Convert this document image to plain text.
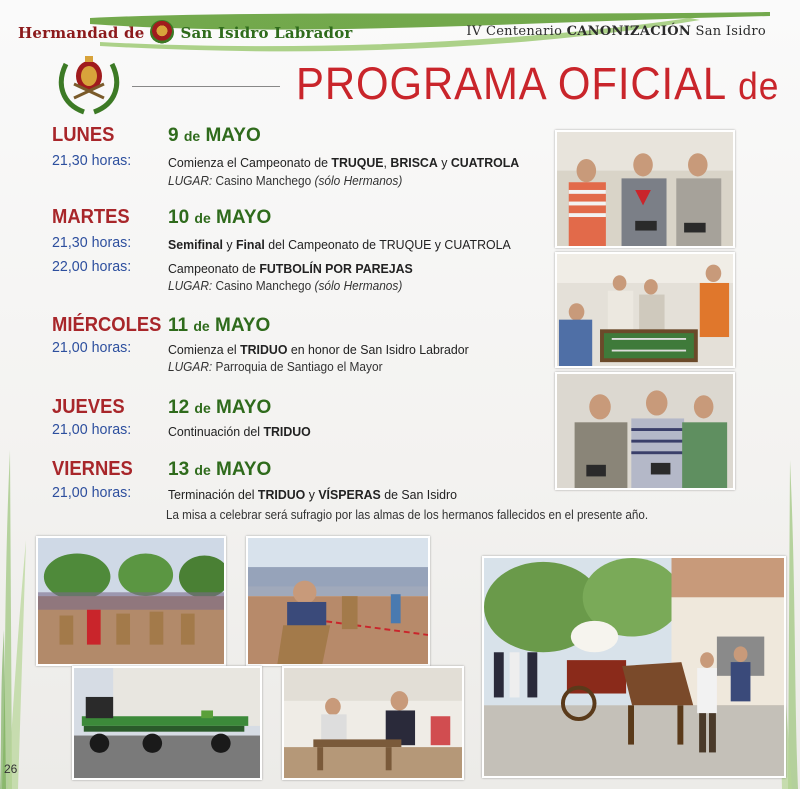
Hermandad de San Isidro Labrador	IV Centenario CANONIZACIÓN San Isidro
PROGRAMA OFICIAL de
LUNES	9 de MAYO
21,30 horas:	Comienza el Campeonato de TRUQUE, BRISCA y CUATROLA
LUGAR: Casino Manchego (sólo Hermanos)
MARTES 10 de MAYO
21,30 horas:	Semifinal y Final del Campeonato de TRUQUE y CUATROLA
22,00 horas:	Campeonato de FUTBOLÍN POR PAREJAS
LUGAR: Casino Manchego (sólo Hermanos)
MIÉRCOLES 11 de MAYO
21,00 horas:	Comienza el TRIDUO en honor de San Isidro Labrador
LUGAR: Parroquia de Santiago el Mayor
JUEVES 12 de MAYO
21,00 horas:	Continuación del TRIDUO
VIERNES 13 de MAYO
21,00 horas:	Terminación del TRIDUO y VÍSPERAS de San Isidro
La misa a celebrar será sufragio por las almas de los hermanos fallecidos en el presente año.
26
